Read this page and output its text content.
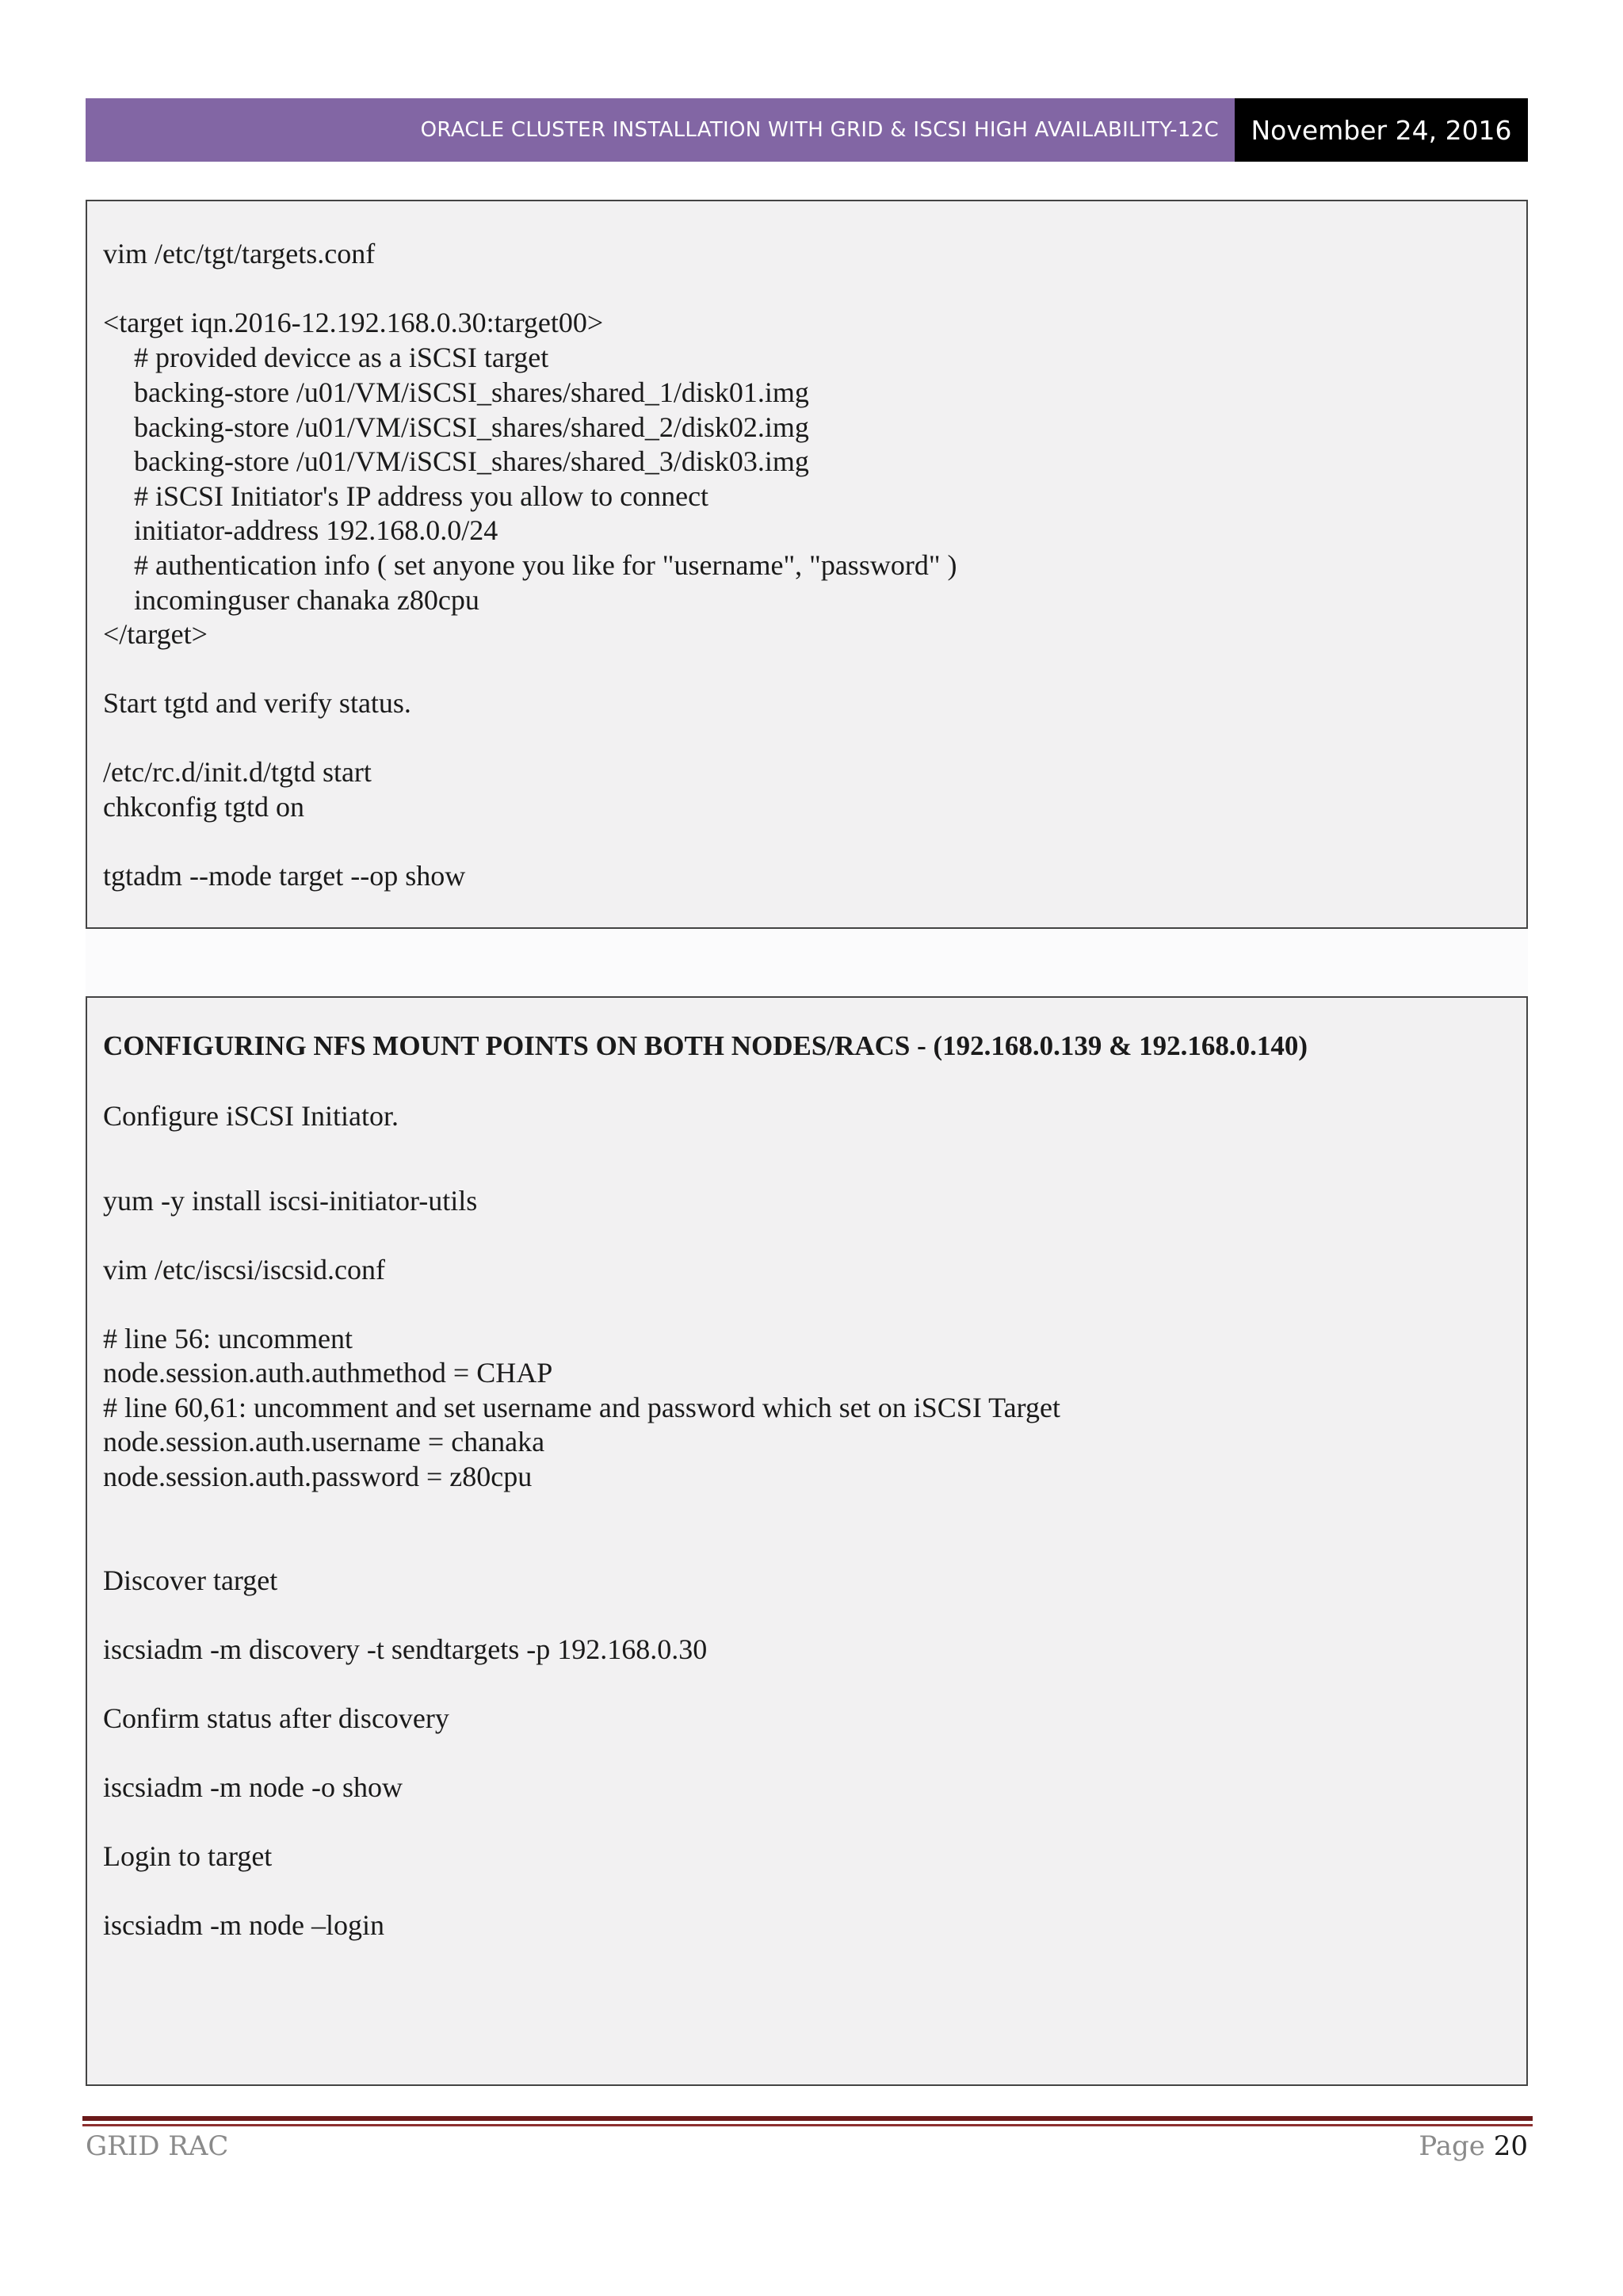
ORACLE CLUSTER INSTALLATION WITH GRID & ISCSI HIGH AVAILABILITY-12C	November 24, 2016
vim /etc/tgt/targets.conf
<target iqn.2016-12.192.168.0.30:target00>
# provided devicce as a iSCSI target
backing-store /u01/VM/iSCSI_shares/shared_1/disk01.img
backing-store /u01/VM/iSCSI_shares/shared_2/disk02.img
backing-store /u01/VM/iSCSI_shares/shared_3/disk03.img
# iSCSI Initiator's IP address you allow to connect
initiator-address 192.168.0.0/24
# authentication info ( set anyone you like for "username", "password" )
incominguser chanaka z80cpu
</target>
Start tgtd and verify status.
/etc/rc.d/init.d/tgtd start
chkconfig tgtd on
tgtadm --mode target --op show
CONFIGURING NFS MOUNT POINTS ON BOTH NODES/RACS - (192.168.0.139 & 192.168.0.140)
Configure iSCSI Initiator.
yum -y install iscsi-initiator-utils
vim /etc/iscsi/iscsid.conf
# line 56: uncomment
node.session.auth.authmethod = CHAP
# line 60,61: uncomment and set username and password which set on iSCSI Target
node.session.auth.username = chanaka
node.session.auth.password = z80cpu
Discover target
iscsiadm -m discovery -t sendtargets -p 192.168.0.30
Confirm status after discovery
iscsiadm -m node -o show
Login to target
iscsiadm -m node –login
GRID RAC	Page 20
